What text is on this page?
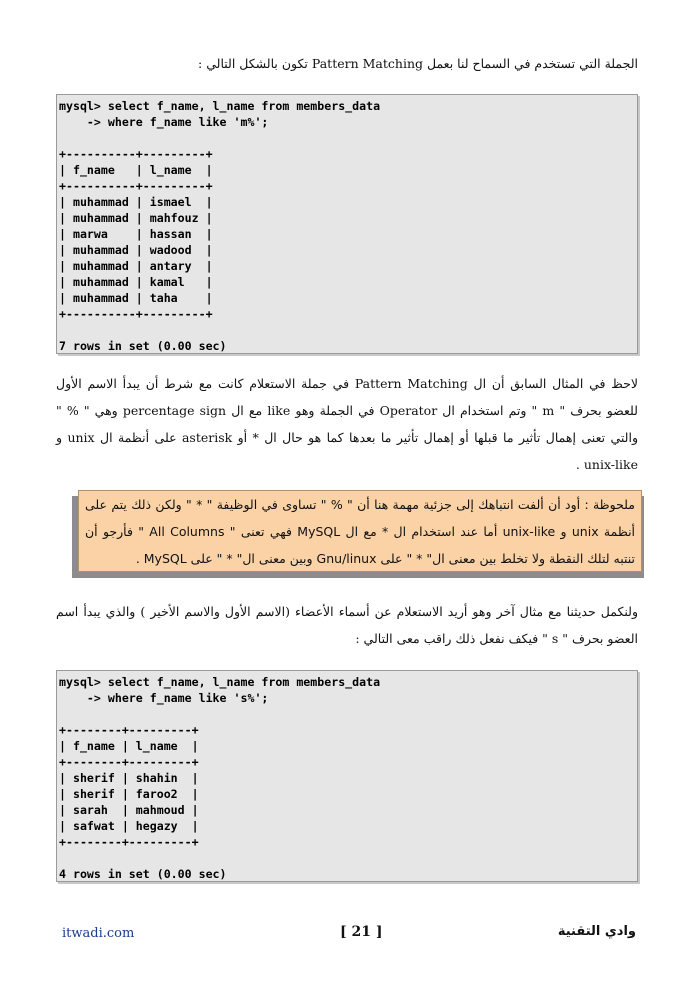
الجملة التي تستخدم في السماح لنا بعمل Pattern Matching تكون بالشكل التالي :
mysql> select f_name, l_name from members_data
-> where f_name like 'm%';
+----------+---------+
| f_name   | l_name  |
+----------+---------+
| muhammad | ismael  |
| muhammad | mahfouz |
| marwa    | hassan  |
| muhammad | wadood  |
| muhammad | antary  |
| muhammad | kamal   |
| muhammad | taha    |
+----------+---------+
7 rows in set (0.00 sec)
لاحظ في المثال السابق أن ال Pattern Matching في جملة الاستعلام كانت مع شرط أن يبدأ الاسم الأول للعضو بحرف " m " وتم استخدام ال Operator في الجملة وهو like مع ال percentage sign وهي " % " والتي تعنى إهمال تأثير ما قبلها أو إهمال تأثير ما بعدها كما هو حال ال * أو asterisk على أنظمة ال unix و unix-like .
ملحوظة : أود أن ألفت انتباهك إلى جزئية مهمة هنا أن " % " تساوى في الوظيفة " * " ولكن ذلك يتم على أنظمة unix و unix-like أما عند استخدام ال * مع ال MySQL فهي تعنى " All Columns " فأرجو أن تنتبه لتلك النقطة ولا تخلط بين معنى ال" * " على Gnu/linux وبين معنى ال" * " على MySQL .
ولنكمل حديثنا مع مثال آخر وهو أريد الاستعلام عن أسماء الأعضاء (الاسم الأول والاسم الأخير ) والذي يبدأ اسم العضو بحرف " s " فيكف نفعل ذلك راقب معى التالي :
mysql> select f_name, l_name from members_data
-> where f_name like 's%';
+--------+---------+
| f_name | l_name  |
+--------+---------+
| sherif | shahin  |
| sherif | faroo2  |
| sarah  | mahmoud |
| safwat | hegazy  |
+--------+---------+
4 rows in set (0.00 sec)
itwadi.com	[ 21 ]	وادي التقنية
